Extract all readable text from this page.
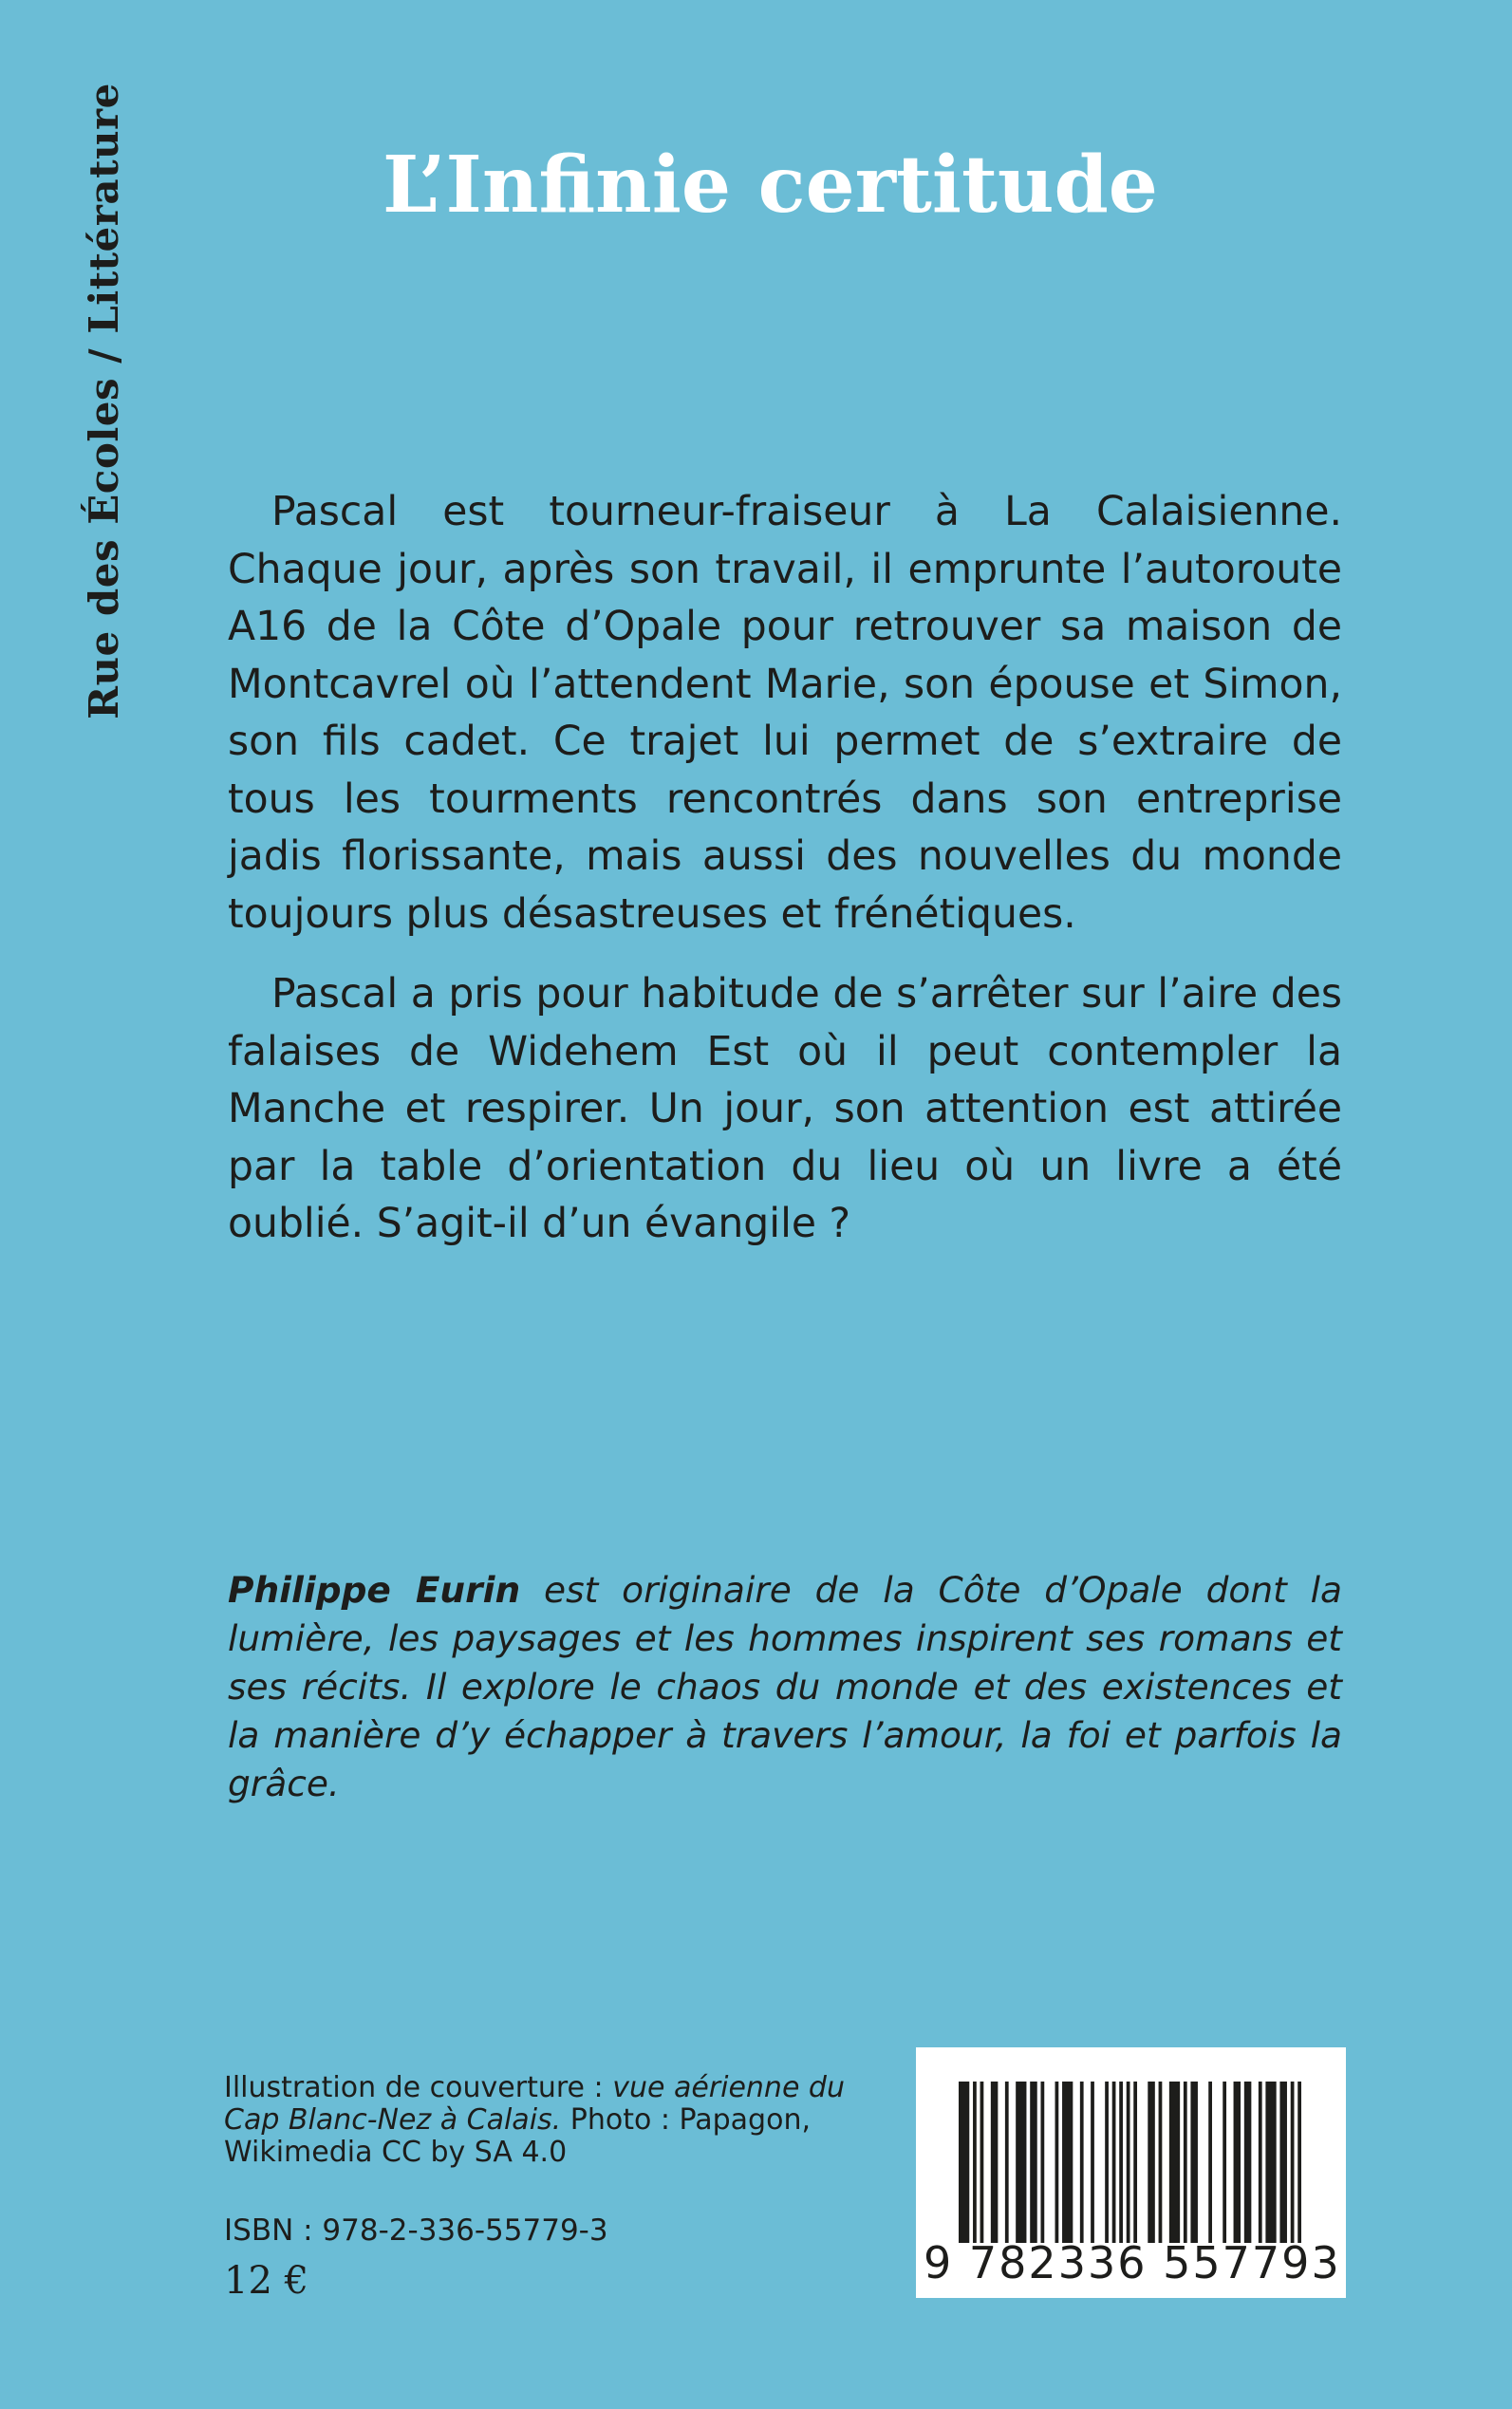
Rue des Écoles / Littérature	L’Infinie certitude

Pascal est tourneur-fraiseur à La Calaisienne. Chaque jour, après son travail, il emprunte l’autoroute A16 de la Côte d’Opale pour retrouver sa maison de Montcavrel où l’attendent Marie, son épouse et Simon, son fils cadet. Ce trajet lui permet de s’extraire de tous les tourments rencontrés dans son entreprise jadis florissante, mais aussi des nouvelles du monde toujours plus désastreuses et frénétiques.

Pascal a pris pour habitude de s’arrêter sur l’aire des falaises de Widehem Est où il peut contempler la Manche et respirer. Un jour, son attention est attirée par la table d’orientation du lieu où un livre a été oublié. S’agit-il d’un évangile ?

Philippe Eurin est originaire de la Côte d’Opale dont la lumière, les paysages et les hommes inspirent ses romans et ses récits. Il explore le chaos du monde et des existences et la manière d’y échapper à travers l’amour, la foi et parfois la grâce.

Illustration de couverture : vue aérienne du Cap Blanc-Nez à Calais. Photo : Papagon, Wikimedia CC by SA 4.0

ISBN : 978-2-336-55779-3
12 €	9 782336 557793
